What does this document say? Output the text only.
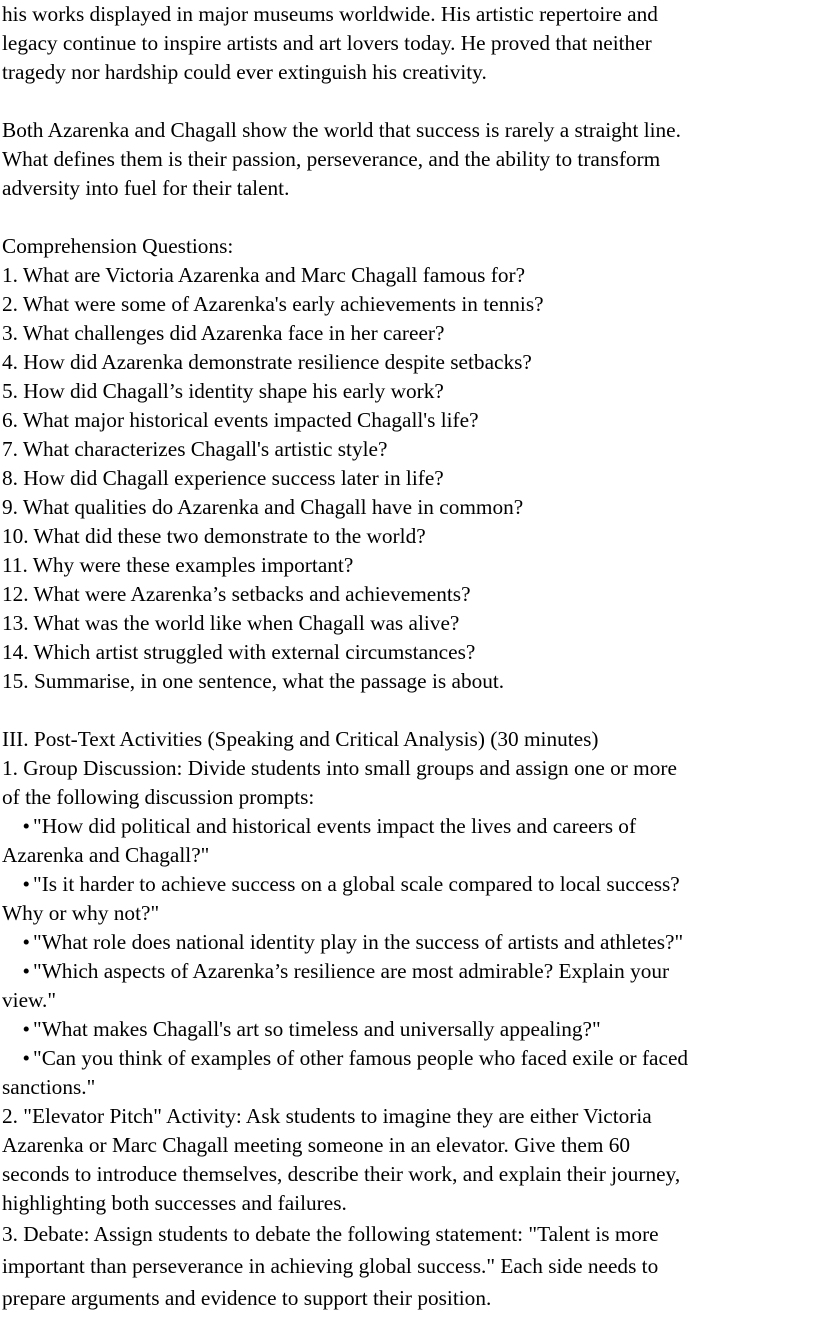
his works displayed in major museums worldwide. His artistic repertoire and
legacy continue to inspire artists and art lovers today. He proved that neither
tragedy nor hardship could ever extinguish his creativity.
Both Azarenka and Chagall show the world that success is rarely a straight line.
What defines them is their passion, perseverance, and the ability to transform
adversity into fuel for their talent.
Comprehension Questions:
1. What are Victoria Azarenka and Marc Chagall famous for?
2. What were some of Azarenka's early achievements in tennis?
3. What challenges did Azarenka face in her career?
4. How did Azarenka demonstrate resilience despite setbacks?
5. How did Chagall’s identity shape his early work?
6. What major historical events impacted Chagall's life?
7. What characterizes Chagall's artistic style?
8. How did Chagall experience success later in life?
9. What qualities do Azarenka and Chagall have in common?
10. What did these two demonstrate to the world?
11. Why were these examples important?
12. What were Azarenka’s setbacks and achievements?
13. What was the world like when Chagall was alive?
14. Which artist struggled with external circumstances?
15. Summarise, in one sentence, what the passage is about.
III. Post-Text Activities (Speaking and Critical Analysis) (30 minutes)
1. Group Discussion: Divide students into small groups and assign one or more
of the following discussion prompts:
• "How did political and historical events impact the lives and careers of
Azarenka and Chagall?"
• "Is it harder to achieve success on a global scale compared to local success?
Why or why not?"
• "What role does national identity play in the success of artists and athletes?"
• "Which aspects of Azarenka’s resilience are most admirable? Explain your
view."
• "What makes Chagall's art so timeless and universally appealing?"
• "Can you think of examples of other famous people who faced exile or faced
sanctions."
2. "Elevator Pitch" Activity: Ask students to imagine they are either Victoria
Azarenka or Marc Chagall meeting someone in an elevator. Give them 60
seconds to introduce themselves, describe their work, and explain their journey,
highlighting both successes and failures.
3. Debate: Assign students to debate the following statement: "Talent is more
important than perseverance in achieving global success." Each side needs to
prepare arguments and evidence to support their position.
